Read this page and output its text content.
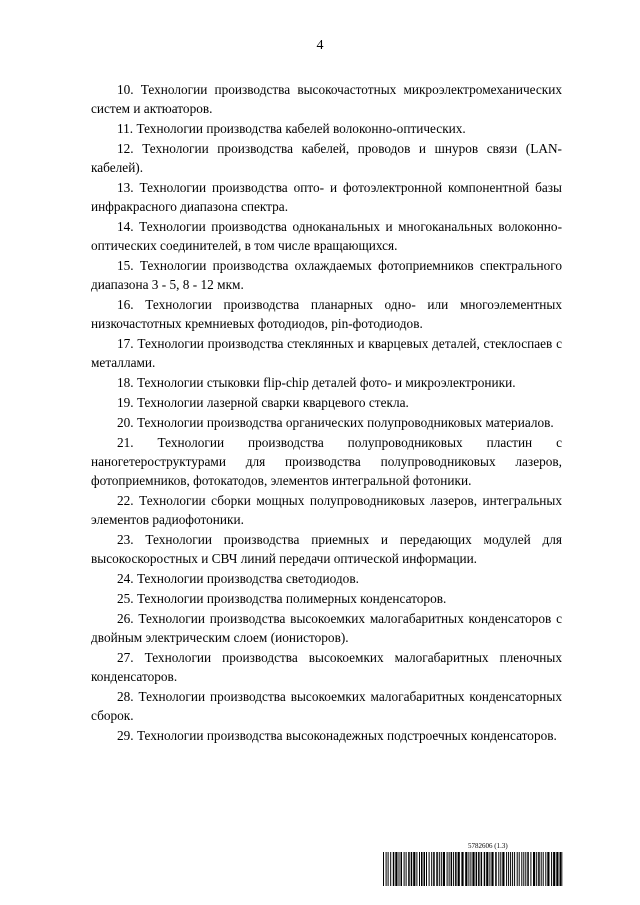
4

10. Технологии производства высокочастотных микроэлектромеханических систем и актюаторов.

11. Технологии производства кабелей волоконно-оптических.

12. Технологии производства кабелей, проводов и шнуров связи (LAN-кабелей).

13. Технологии производства опто- и фотоэлектронной компонентной базы инфракрасного диапазона спектра.

14. Технологии производства одноканальных и многоканальных волоконно-оптических соединителей, в том числе вращающихся.

15. Технологии производства охлаждаемых фотоприемников спектрального диапазона 3 - 5, 8 - 12 мкм.

16. Технологии производства планарных одно- или многоэлементных низкочастотных кремниевых фотодиодов, pin-фотодиодов.

17. Технологии производства стеклянных и кварцевых деталей, стеклоспаев с металлами.

18. Технологии стыковки flip-chip деталей фото- и микроэлектроники.

19. Технологии лазерной сварки кварцевого стекла.

20. Технологии производства органических полупроводниковых материалов.

21. Технологии производства полупроводниковых пластин с наногетероструктурами для производства полупроводниковых лазеров, фотоприемников, фотокатодов, элементов интегральной фотоники.

22. Технологии сборки мощных полупроводниковых лазеров, интегральных элементов радиофотоники.

23. Технологии производства приемных и передающих модулей для высокоскоростных и СВЧ линий передачи оптической информации.

24. Технологии производства светодиодов.

25. Технологии производства полимерных конденсаторов.

26. Технологии производства высокоемких малогабаритных конденсаторов с двойным электрическим слоем (ионисторов).

27. Технологии производства высокоемких малогабаритных пленочных конденсаторов.

28. Технологии производства высокоемких малогабаритных конденсаторных сборок.

29. Технологии производства высоконадежных подстроечных конденсаторов.

5782606 (1.3)
